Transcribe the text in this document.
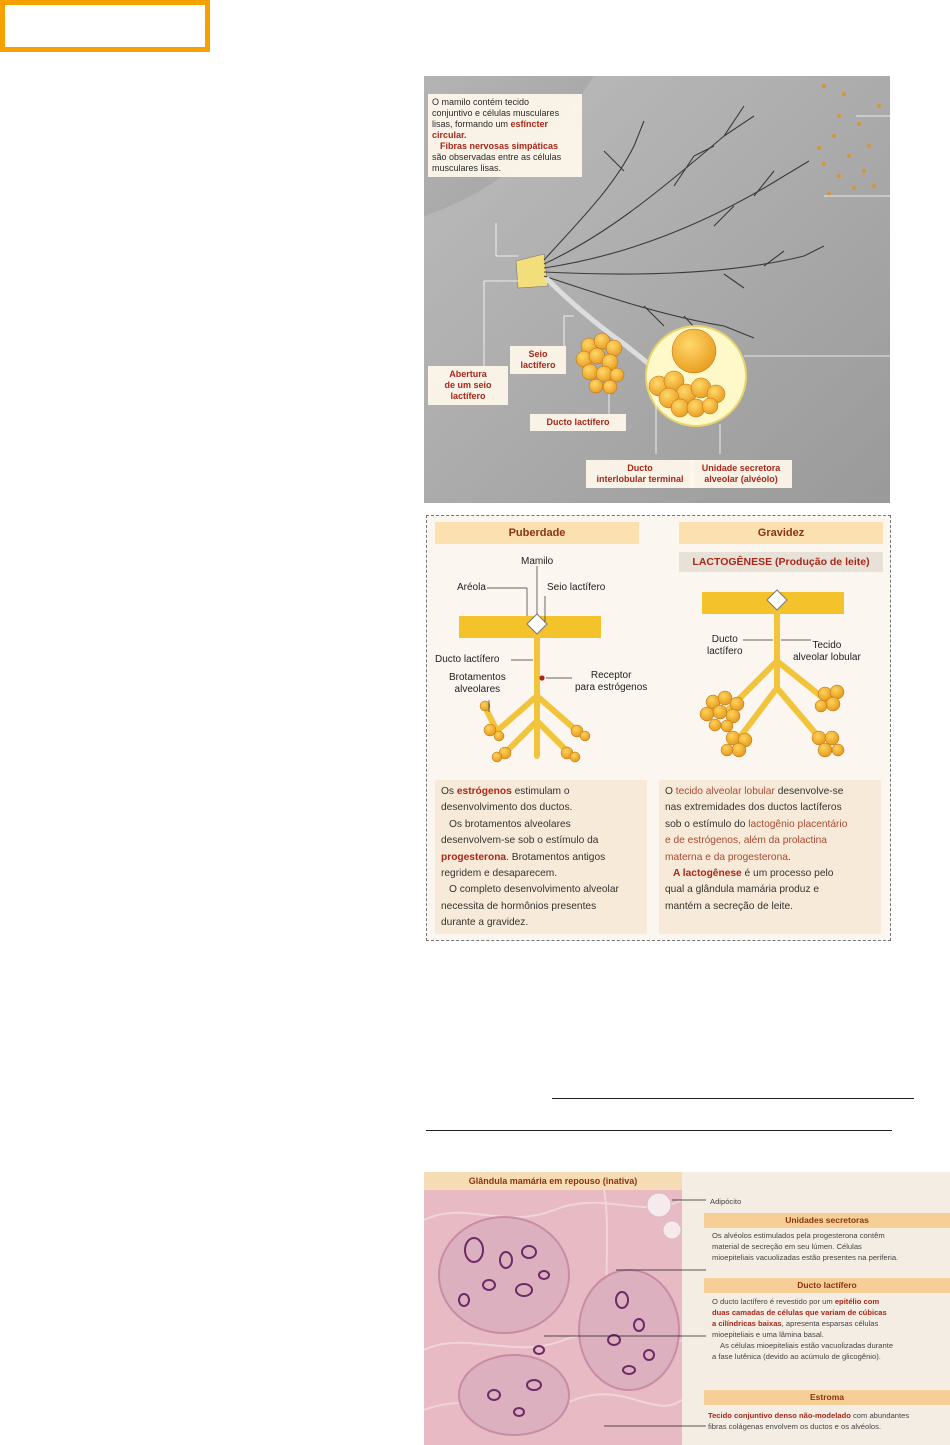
O mamilo contém tecido
conjuntivo e células musculares
lisas, formando um esfíncter
circular.
Fibras nervosas simpáticas
são observadas entre as células
musculares lisas.
Seio
lactífero
Abertura
de um seio
lactífero
Ducto lactífero
Ducto
interlobular terminal
Unidade secretora
alveolar (alvéolo)
Puberdade	Gravidez
LACTOGÊNESE (Produção de leite)
Mamilo
Aréola	Seio lactífero
Ducto lactífero
Brotamentos
alveolares
Receptor
para estrógenos
Ducto
lactífero
Tecido
alveolar lobular
Os estrógenos estimulam o
desenvolvimento dos ductos.
Os brotamentos alveolares
desenvolvem-se sob o estímulo da
progesterona. Brotamentos antigos
regridem e desaparecem.
O completo desenvolvimento alveolar
necessita de hormônios presentes
durante a gravidez.
O tecido alveolar lobular desenvolve-se
nas extremidades dos ductos lactíferos
sob o estímulo do lactogênio placentário
e de estrógenos, além da prolactina
materna e da progesterona.
A lactogênese é um processo pelo
qual a glândula mamária produz e
mantém a secreção de leite.
Glândula mamária em repouso (inativa)
Adipócito
Unidades secretoras
Os alvéolos estimulados pela progesterona contêm
material de secreção em seu lúmen. Células
mioepiteliais vacuolizadas estão presentes na periferia.
Ducto lactífero
O ducto lactífero é revestido por um epitélio com
duas camadas de células que variam de cúbicas
a cilíndricas baixas, apresenta esparsas células
mioepiteliais e uma lâmina basal.
As células mioepiteliais estão vacuolizadas durante
a fase lutênica (devido ao acúmulo de glicogênio).
Estroma
Tecido conjuntivo denso não-modelado com abundantes
fibras colágenas envolvem os ductos e os alvéolos.
